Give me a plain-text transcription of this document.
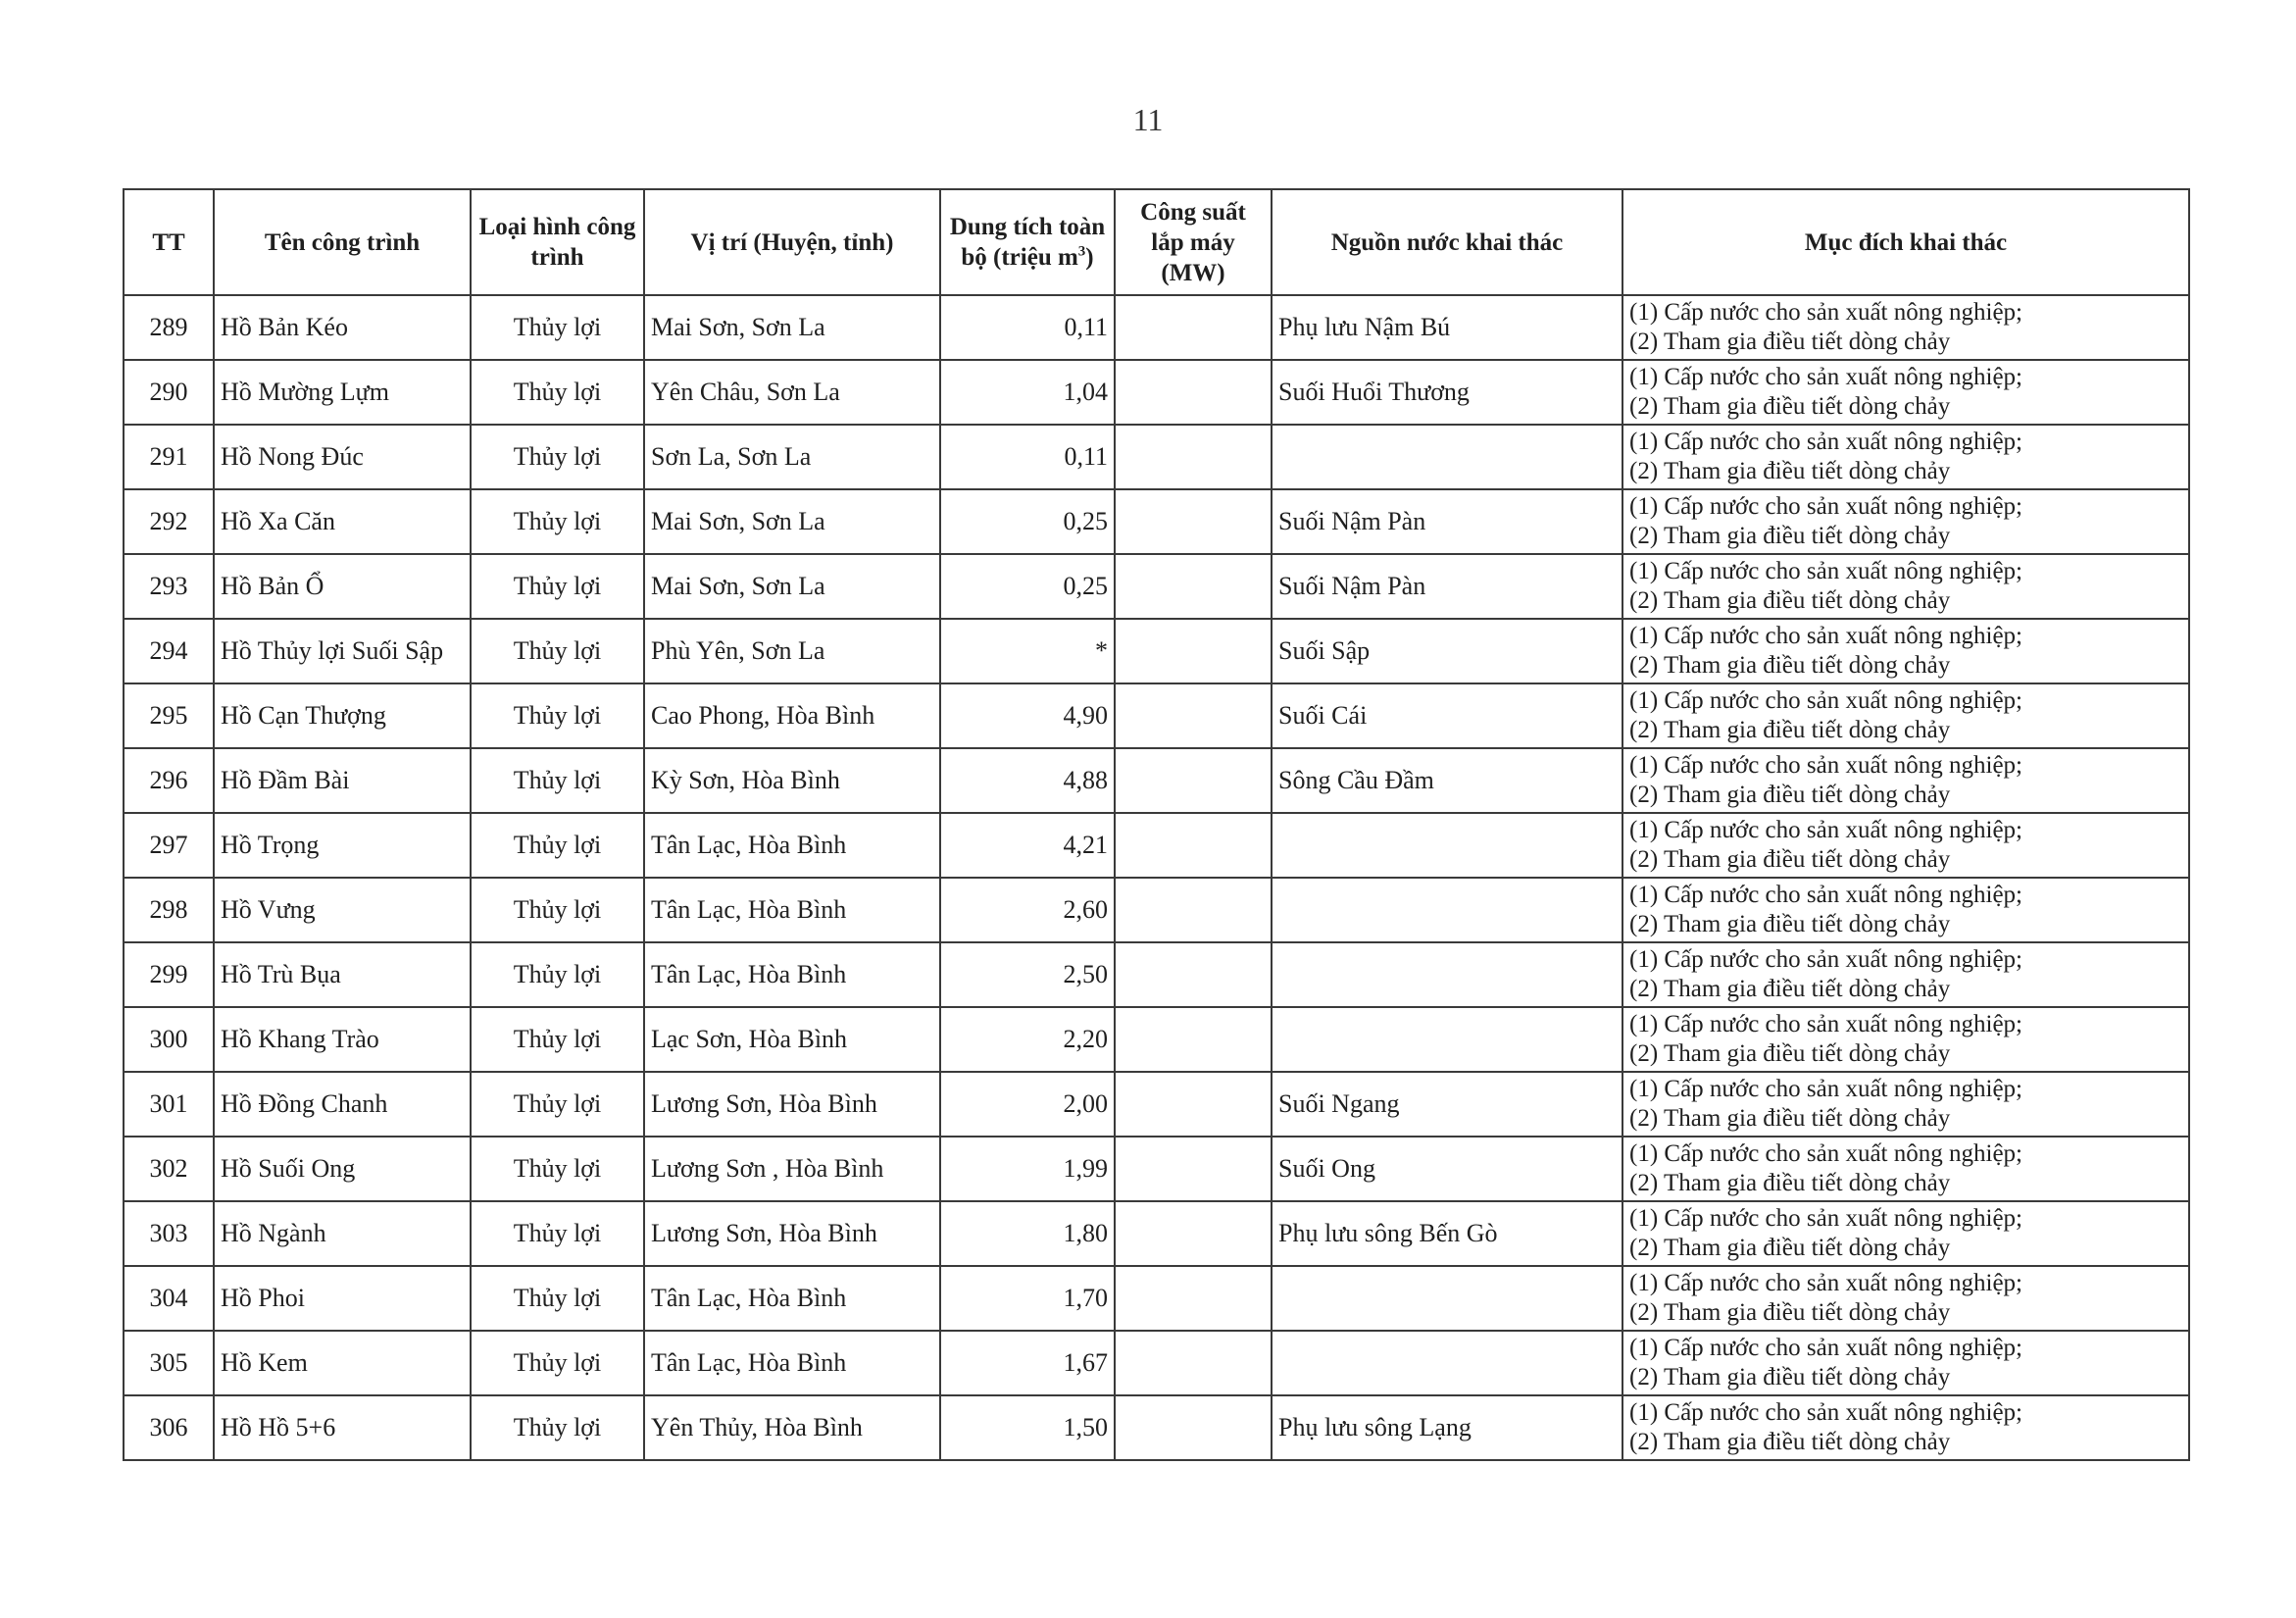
11
TT	Tên công trình	Loại hình công trình	Vị trí (Huyện, tỉnh)	Dung tích toàn bộ (triệu $m^3$)	Công suất lắp máy (MW)	Nguồn nước khai thác	Mục đích khai thác
289	Hồ Bản Kéo	Thủy lợi	Mai Sơn, Sơn La	0,11		Phụ lưu Nậm Bú	(1) Cấp nước cho sản xuất nông nghiệp;
(2) Tham gia điều tiết dòng chảy

290	Hồ Mường Lựm	Thủy lợi	Yên Châu, Sơn La	1,04		Suối Huổi Thương	(1) Cấp nước cho sản xuất nông nghiệp;
(2) Tham gia điều tiết dòng chảy

291	Hồ Nong Đúc	Thủy lợi	Sơn La, Sơn La	0,11			(1) Cấp nước cho sản xuất nông nghiệp;
(2) Tham gia điều tiết dòng chảy

292	Hồ Xa Căn	Thủy lợi	Mai Sơn, Sơn La	0,25		Suối Nậm Pàn	(1) Cấp nước cho sản xuất nông nghiệp;
(2) Tham gia điều tiết dòng chảy

293	Hồ Bản Ổ	Thủy lợi	Mai Sơn, Sơn La	0,25		Suối Nậm Pàn	(1) Cấp nước cho sản xuất nông nghiệp;
(2) Tham gia điều tiết dòng chảy

294	Hồ Thủy lợi Suối Sập	Thủy lợi	Phù Yên, Sơn La	*		Suối Sập	(1) Cấp nước cho sản xuất nông nghiệp;
(2) Tham gia điều tiết dòng chảy

295	Hồ Cạn Thượng	Thủy lợi	Cao Phong, Hòa Bình	4,90		Suối Cái	(1) Cấp nước cho sản xuất nông nghiệp;
(2) Tham gia điều tiết dòng chảy

296	Hồ Đầm Bài	Thủy lợi	Kỳ Sơn, Hòa Bình	4,88		Sông Cầu Đầm	(1) Cấp nước cho sản xuất nông nghiệp;
(2) Tham gia điều tiết dòng chảy

297	Hồ Trọng	Thủy lợi	Tân Lạc, Hòa Bình	4,21			(1) Cấp nước cho sản xuất nông nghiệp;
(2) Tham gia điều tiết dòng chảy

298	Hồ Vưng	Thủy lợi	Tân Lạc, Hòa Bình	2,60			(1) Cấp nước cho sản xuất nông nghiệp;
(2) Tham gia điều tiết dòng chảy

299	Hồ Trù Bụa	Thủy lợi	Tân Lạc, Hòa Bình	2,50			(1) Cấp nước cho sản xuất nông nghiệp;
(2) Tham gia điều tiết dòng chảy

300	Hồ Khang Trào	Thủy lợi	Lạc Sơn, Hòa Bình	2,20			(1) Cấp nước cho sản xuất nông nghiệp;
(2) Tham gia điều tiết dòng chảy

301	Hồ Đồng Chanh	Thủy lợi	Lương Sơn, Hòa Bình	2,00		Suối Ngang	(1) Cấp nước cho sản xuất nông nghiệp;
(2) Tham gia điều tiết dòng chảy

302	Hồ Suối Ong	Thủy lợi	Lương Sơn , Hòa Bình	1,99		Suối Ong	(1) Cấp nước cho sản xuất nông nghiệp;
(2) Tham gia điều tiết dòng chảy

303	Hồ Ngành	Thủy lợi	Lương Sơn, Hòa Bình	1,80		Phụ lưu sông Bến Gò	(1) Cấp nước cho sản xuất nông nghiệp;
(2) Tham gia điều tiết dòng chảy

304	Hồ Phoi	Thủy lợi	Tân Lạc, Hòa Bình	1,70			(1) Cấp nước cho sản xuất nông nghiệp;
(2) Tham gia điều tiết dòng chảy

305	Hồ Kem	Thủy lợi	Tân Lạc, Hòa Bình	1,67			(1) Cấp nước cho sản xuất nông nghiệp;
(2) Tham gia điều tiết dòng chảy

306	Hồ Hồ 5+6	Thủy lợi	Yên Thủy, Hòa Bình	1,50		Phụ lưu sông Lạng	(1) Cấp nước cho sản xuất nông nghiệp;
(2) Tham gia điều tiết dòng chảy
